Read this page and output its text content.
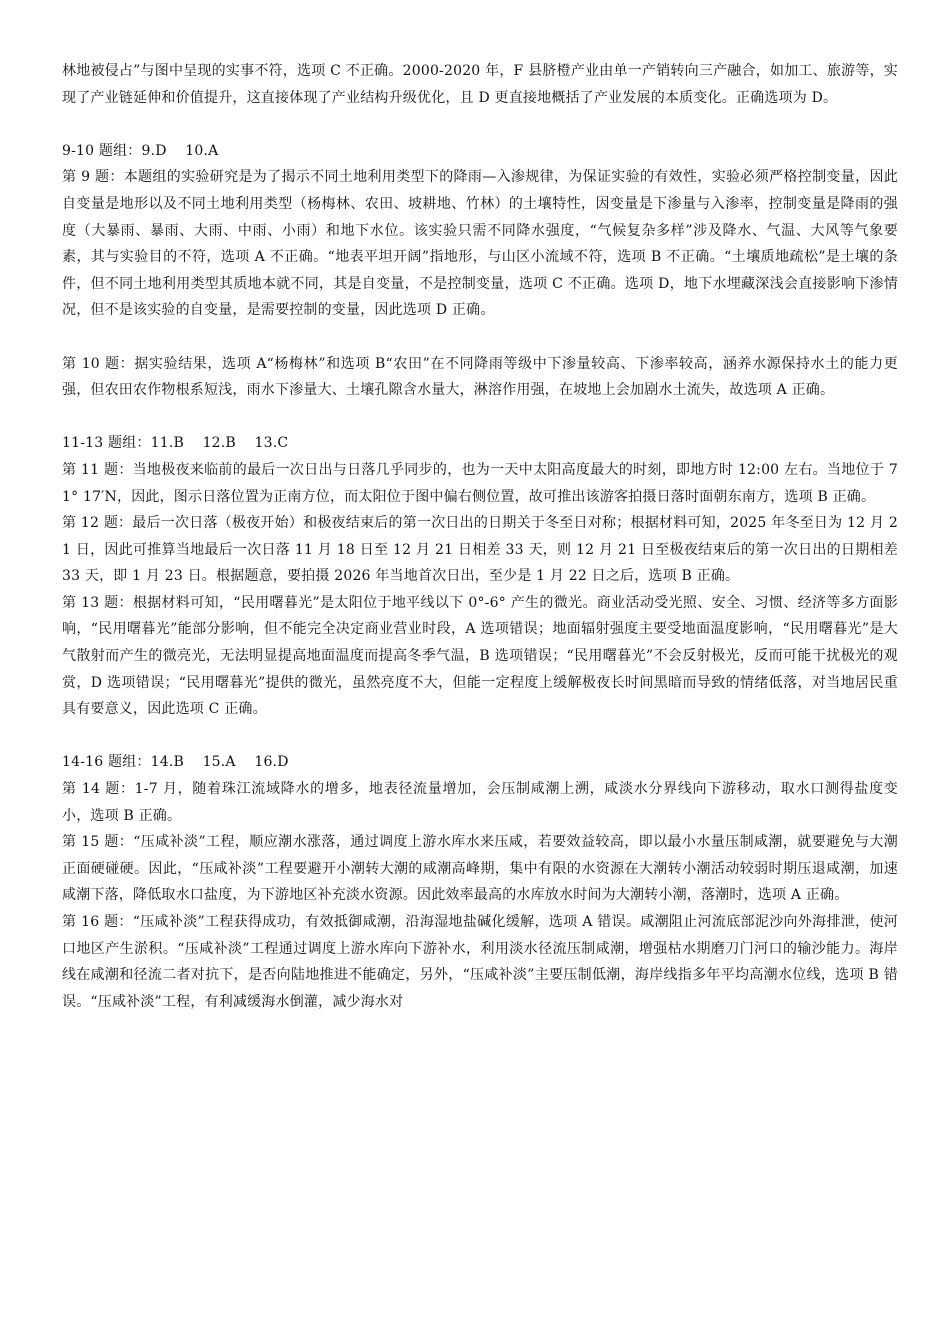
林地被侵占”与图中呈现的实事不符，选项 C 不正确。2000-2020 年，F 县脐橙产业由单一产销转向三产融合，如加工、旅游等，实现了产业链延伸和价值提升，这直接体现了产业结构升级优化，且 D 更直接地概括了产业发展的本质变化。正确选项为 D。

9-10 题组：9.D    10.A

第 9 题：本题组的实验研究是为了揭示不同土地利用类型下的降雨—入渗规律，为保证实验的有效性，实验必须严格控制变量，因此自变量是地形以及不同土地利用类型（杨梅林、农田、坡耕地、竹林）的土壤特性，因变量是下渗量与入渗率，控制变量是降雨的强度（大暴雨、暴雨、大雨、中雨、小雨）和地下水位。该实验只需不同降水强度，“气候复杂多样”涉及降水、气温、大风等气象要素，其与实验目的不符，选项 A 不正确。“地表平坦开阔”指地形，与山区小流域不符，选项 B 不正确。“土壤质地疏松”是土壤的条件，但不同土地利用类型其质地本就不同，其是自变量，不是控制变量，选项 C 不正确。选项 D，地下水埋藏深浅会直接影响下渗情况，但不是该实验的自变量，是需要控制的变量，因此选项 D 正确。

第 10 题：据实验结果，选项 A“杨梅林”和选项 B“农田”在不同降雨等级中下渗量较高、下渗率较高，涵养水源保持水土的能力更强，但农田农作物根系短浅，雨水下渗量大、土壤孔隙含水量大，淋溶作用强，在坡地上会加剧水土流失，故选项 A 正确。

11-13 题组：11.B    12.B    13.C

第 11 题：当地极夜来临前的最后一次日出与日落几乎同步的，也为一天中太阳高度最大的时刻，即地方时 12:00 左右。当地位于 71° 17′N，因此，图示日落位置为正南方位，而太阳位于图中偏右侧位置，故可推出该游客拍摄日落时面朝东南方，选项 B 正确。

第 12 题：最后一次日落（极夜开始）和极夜结束后的第一次日出的日期关于冬至日对称；根据材料可知，2025 年冬至日为 12 月 21 日，因此可推算当地最后一次日落 11 月 18 日至 12 月 21 日相差 33 天，则 12 月 21 日至极夜结束后的第一次日出的日期相差 33 天，即 1 月 23 日。根据题意，要拍摄 2026 年当地首次日出，至少是 1 月 22 日之后，选项 B 正确。

第 13 题：根据材料可知，“民用曙暮光”是太阳位于地平线以下 0°-6° 产生的微光。商业活动受光照、安全、习惯、经济等多方面影响，“民用曙暮光”能部分影响，但不能完全决定商业营业时段，A 选项错误；地面辐射强度主要受地面温度影响，“民用曙暮光”是大气散射而产生的微亮光，无法明显提高地面温度而提高冬季气温，B 选项错误；“民用曙暮光”不会反射极光，反而可能干扰极光的观赏，D 选项错误；“民用曙暮光”提供的微光，虽然亮度不大，但能一定程度上缓解极夜长时间黑暗而导致的情绪低落，对当地居民重具有要意义，因此选项 C 正确。

14-16 题组：14.B    15.A    16.D

第 14 题：1-7 月，随着珠江流域降水的增多，地表径流量增加，会压制咸潮上溯，咸淡水分界线向下游移动，取水口测得盐度变小，选项 B 正确。

第 15 题：“压咸补淡”工程，顺应潮水涨落，通过调度上游水库水来压咸，若要效益较高，即以最小水量压制咸潮，就要避免与大潮正面硬碰硬。因此，“压咸补淡”工程要避开小潮转大潮的咸潮高峰期，集中有限的水资源在大潮转小潮活动较弱时期压退咸潮，加速咸潮下落，降低取水口盐度，为下游地区补充淡水资源。因此效率最高的水库放水时间为大潮转小潮，落潮时，选项 A 正确。

第 16 题：“压咸补淡”工程获得成功，有效抵御咸潮，沿海湿地盐碱化缓解，选项 A 错误。咸潮阻止河流底部泥沙向外海排泄，使河口地区产生淤积。“压咸补淡”工程通过调度上游水库向下游补水，利用淡水径流压制咸潮，增强枯水期磨刀门河口的输沙能力。海岸线在咸潮和径流二者对抗下，是否向陆地推进不能确定，另外，“压咸补淡”主要压制低潮，海岸线指多年平均高潮水位线，选项 B 错误。“压咸补淡”工程，有利减缓海水倒灌，减少海水对
